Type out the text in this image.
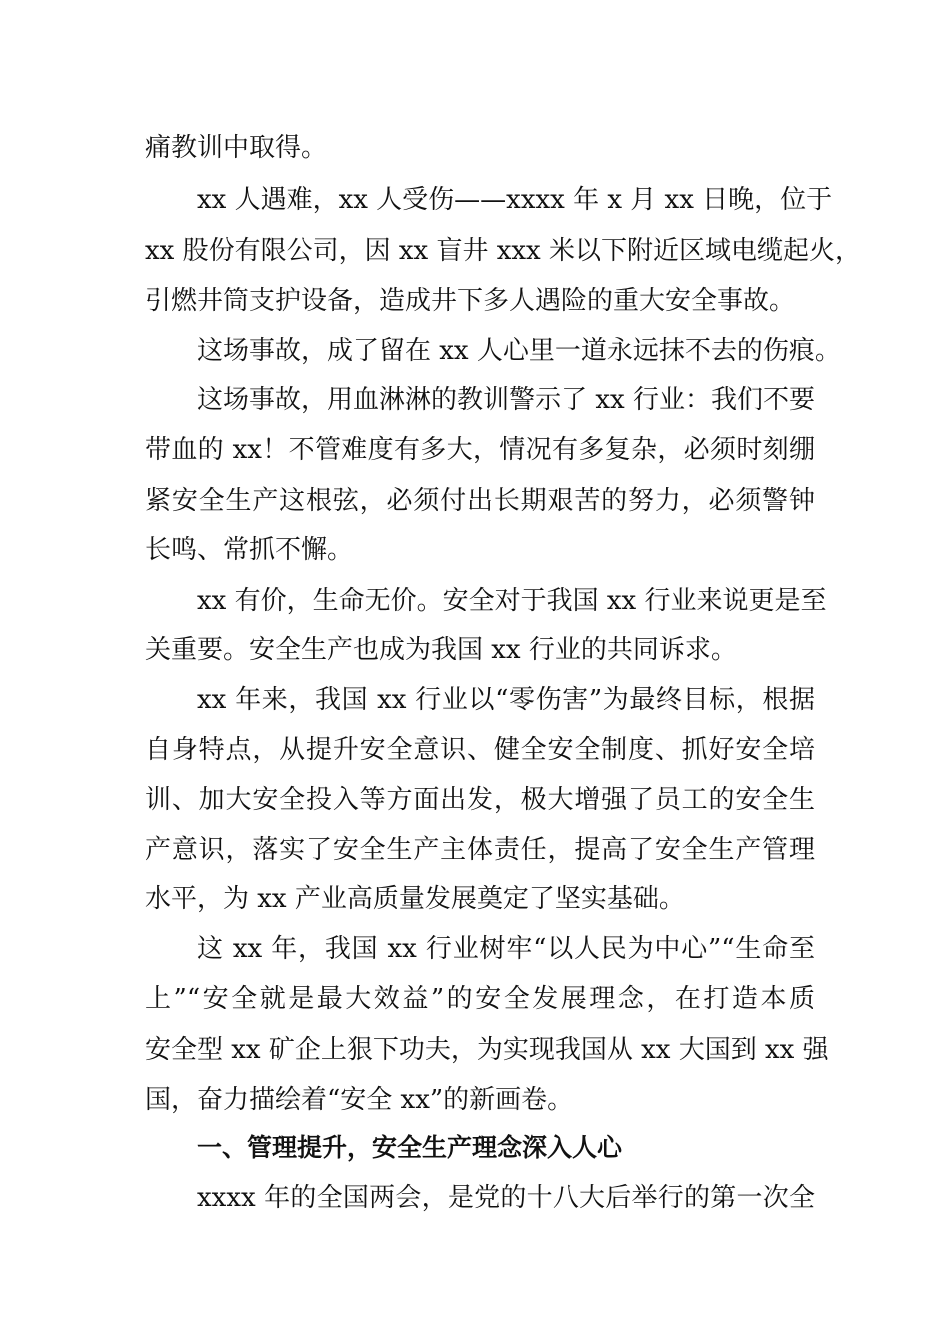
痛教训中取得。
xx 人遇难，xx 人受伤——xxxx 年 x 月 xx 日晚，位于
xx 股份有限公司，因 xx 盲井 xxx 米以下附近区域电缆起火，
引燃井筒支护设备，造成井下多人遇险的重大安全事故。
这场事故，成了留在 xx 人心里一道永远抹不去的伤痕。
这场事故，用血淋淋的教训警示了 xx 行业：我们不要
带血的 xx！不管难度有多大，情况有多复杂，必须时刻绷
紧安全生产这根弦，必须付出长期艰苦的努力，必须警钟
长鸣、常抓不懈。
xx 有价，生命无价。安全对于我国 xx 行业来说更是至
关重要。安全生产也成为我国 xx 行业的共同诉求。
xx 年来，我国 xx 行业以“零伤害”为最终目标，根据
自身特点，从提升安全意识、健全安全制度、抓好安全培
训、加大安全投入等方面出发，极大增强了员工的安全生
产意识，落实了安全生产主体责任，提高了安全生产管理
水平，为 xx 产业高质量发展奠定了坚实基础。
这 xx 年，我国 xx 行业树牢“以人民为中心”“生命至
上”“安全就是最大效益”的安全发展理念，在打造本质
安全型 xx 矿企上狠下功夫，为实现我国从 xx 大国到 xx 强
国，奋力描绘着“安全 xx”的新画卷。
一、管理提升，安全生产理念深入人心
xxxx 年的全国两会，是党的十八大后举行的第一次全
